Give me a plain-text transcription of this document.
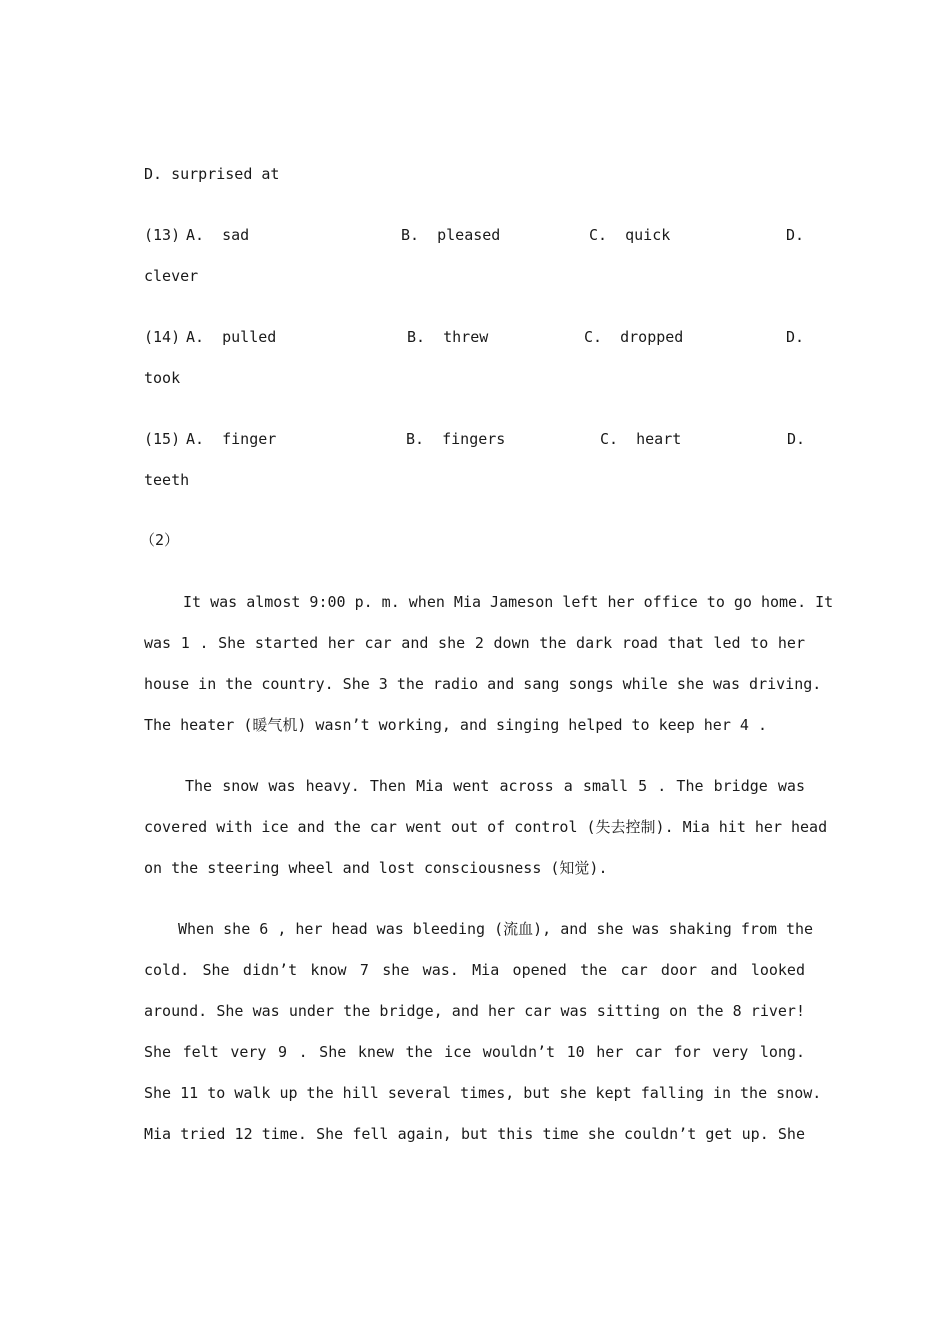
D. surprised at
(13) A.  sad	B.  pleased	C.  quick	D.
clever
(14) A.  pulled	B.  threw	C.  dropped	D.
took
(15) A.  finger	B.  fingers	C.  heart	D.
teeth
（2）
It was almost 9:00 p. m. when Mia Jameson left her office to go home. It
was 1 . She started her car and she 2 down the dark road that led to her
house in the country. She 3 the radio and sang songs while she was driving.
The heater (暖气机) wasn’t working, and singing helped to keep her 4 .
The snow was heavy. Then Mia went across a small 5 . The bridge was
covered with ice and the car went out of control (失去控制). Mia hit her head
on the steering wheel and lost consciousness (知觉).
When she 6 , her head was bleeding (流血), and she was shaking from the
cold. She didn’t know 7 she was. Mia opened the car door and looked
around. She was under the bridge, and her car was sitting on the 8 river!
She felt very 9 . She knew the ice wouldn’t 10 her car for very long.
She 11 to walk up the hill several times, but she kept falling in the snow.
Mia tried 12 time. She fell again, but this time she couldn’t get up. She
